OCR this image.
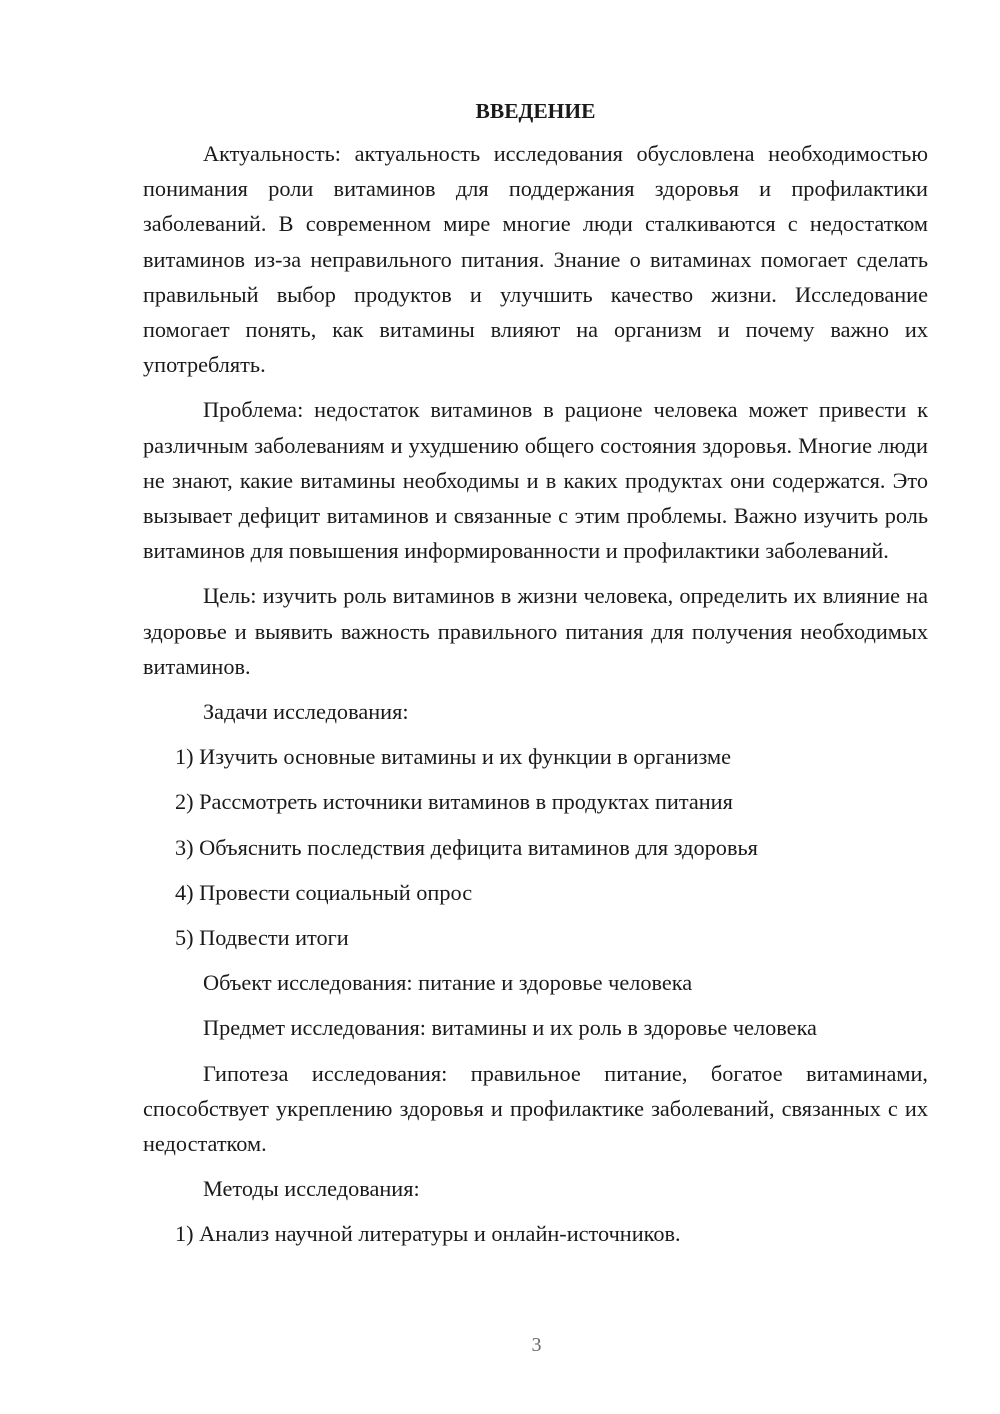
ВВЕДЕНИЕ

Актуальность: актуальность исследования обусловлена необходимостью понимания роли витаминов для поддержания здоровья и профилактики заболеваний. В современном мире многие люди сталкиваются с недостатком витаминов из-за неправильного питания. Знание о витаминах помогает сделать правильный выбор продуктов и улучшить качество жизни. Исследование помогает понять, как витамины влияют на организм и почему важно их употреблять.

Проблема: недостаток витаминов в рационе человека может привести к различным заболеваниям и ухудшению общего состояния здоровья. Многие люди не знают, какие витамины необходимы и в каких продуктах они содержатся. Это вызывает дефицит витаминов и связанные с этим проблемы. Важно изучить роль витаминов для повышения информированности и профилактики заболеваний.

Цель: изучить роль витаминов в жизни человека, определить их влияние на здоровье и выявить важность правильного питания для получения необходимых витаминов.

Задачи исследования:

1) Изучить основные витамины и их функции в организме

2) Рассмотреть источники витаминов в продуктах питания

3) Объяснить последствия дефицита витаминов для здоровья

4) Провести социальный опрос

5) Подвести итоги

Объект исследования: питание и здоровье человека

Предмет исследования: витамины и их роль в здоровье человека

Гипотеза исследования: правильное питание, богатое витаминами, способствует укреплению здоровья и профилактике заболеваний, связанных с их недостатком.

Методы исследования:

1) Анализ научной литературы и онлайн-источников.

3
